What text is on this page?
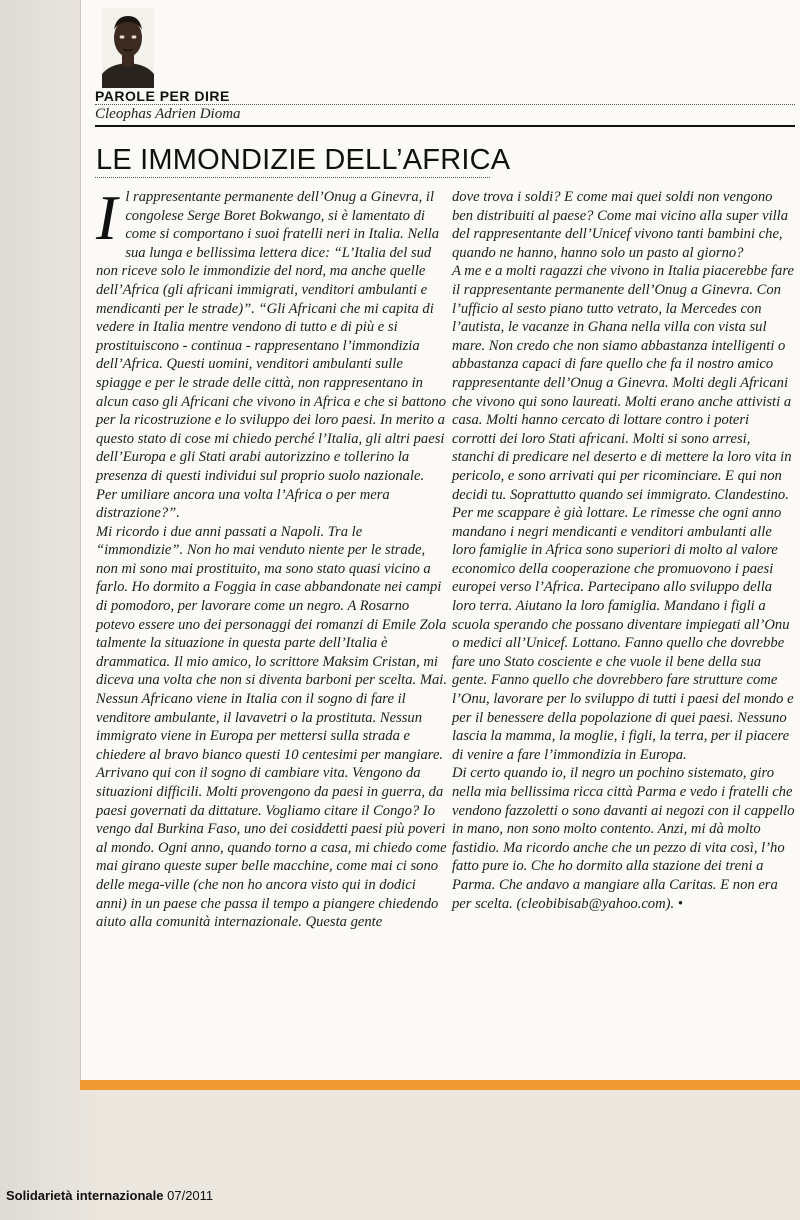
PAROLE PER DIRE
Cleophas Adrien Dioma
LE IMMONDIZIE DELL’AFRICA

Il rappresentante permanente dell’Onug a Ginevra, il congolese Serge Boret Bokwango, si è lamentato di come si comportano i suoi fratelli neri in Italia. Nella sua lunga e bellissima lettera dice: “L’Italia del sud non riceve solo le immondizie del nord, ma anche quelle dell’Africa (gli africani immigrati, venditori ambulanti e mendicanti per le strade)”. “Gli Africani che mi capita di vedere in Italia mentre vendono di tutto e di più e si prostituiscono - continua - rappresentano l’immondizia dell’Africa. Questi uomini, venditori ambulanti sulle spiagge e per le strade delle città, non rappresentano in alcun caso gli Africani che vivono in Africa e che si battono per la ricostruzione e lo sviluppo dei loro paesi. In merito a questo stato di cose mi chiedo perché l’Italia, gli altri paesi dell’Europa e gli Stati arabi autorizzino e tollerino la presenza di questi individui sul proprio suolo nazionale. Per umiliare ancora una volta l’Africa o per mera distrazione?”.

Mi ricordo i due anni passati a Napoli. Tra le “immondizie”. Non ho mai venduto niente per le strade, non mi sono mai prostituito, ma sono stato quasi vicino a farlo. Ho dormito a Foggia in case abbandonate nei campi di pomodoro, per lavorare come un negro. A Rosarno potevo essere uno dei personaggi dei romanzi di Emile Zola talmente la situazione in questa parte dell’Italia è drammatica. Il mio amico, lo scrittore Maksim Cristan, mi diceva una volta che non si diventa barboni per scelta. Mai. Nessun Africano viene in Italia con il sogno di fare il venditore ambulante, il lavavetri o la prostituta. Nessun immigrato viene in Europa per mettersi sulla strada e chiedere al bravo bianco questi 10 centesimi per mangiare. Arrivano qui con il sogno di cambiare vita. Vengono da situazioni difficili. Molti provengono da paesi in guerra, da paesi governati da dittature. Vogliamo citare il Congo? Io vengo dal Burkina Faso, uno dei cosiddetti paesi più poveri al mondo. Ogni anno, quando torno a casa, mi chiedo come mai girano queste super belle macchine, come mai ci sono delle mega-ville (che non ho ancora visto qui in dodici anni) in un paese che passa il tempo a piangere chiedendo aiuto alla comunità internazionale. Questa gente

dove trova i soldi? E come mai quei soldi non vengono ben distribuiti al paese? Come mai vicino alla super villa del rappresentante dell’Unicef vivono tanti bambini che, quando ne hanno, hanno solo un pasto al giorno?

A me e a molti ragazzi che vivono in Italia piacerebbe fare il rappresentante permanente dell’Onug a Ginevra. Con l’ufficio al sesto piano tutto vetrato, la Mercedes con l’autista, le vacanze in Ghana nella villa con vista sul mare. Non credo che non siamo abbastanza intelligenti o abbastanza capaci di fare quello che fa il nostro amico rappresentante dell’Onug a Ginevra. Molti degli Africani che vivono qui sono laureati. Molti erano anche attivisti a casa. Molti hanno cercato di lottare contro i poteri corrotti dei loro Stati africani. Molti si sono arresi, stanchi di predicare nel deserto e di mettere la loro vita in pericolo, e sono arrivati qui per ricominciare. E qui non decidi tu. Soprattutto quando sei immigrato. Clandestino.

Per me scappare è già lottare. Le rimesse che ogni anno mandano i negri mendicanti e venditori ambulanti alle loro famiglie in Africa sono superiori di molto al valore economico della cooperazione che promuovono i paesi europei verso l’Africa. Partecipano allo sviluppo della loro terra. Aiutano la loro famiglia. Mandano i figli a scuola sperando che possano diventare impiegati all’Onu o medici all’Unicef. Lottano. Fanno quello che dovrebbe fare uno Stato cosciente e che vuole il bene della sua gente. Fanno quello che dovrebbero fare strutture come l’Onu, lavorare per lo sviluppo di tutti i paesi del mondo e per il benessere della popolazione di quei paesi. Nessuno lascia la mamma, la moglie, i figli, la terra, per il piacere di venire a fare l’immondizia in Europa.

Di certo quando io, il negro un pochino sistemato, giro nella mia bellissima ricca città Parma e vedo i fratelli che vendono fazzoletti o sono davanti ai negozi con il cappello in mano, non sono molto contento. Anzi, mi dà molto fastidio. Ma ricordo anche che un pezzo di vita così, l’ho fatto pure io. Che ho dormito alla stazione dei treni a Parma. Che andavo a mangiare alla Caritas. E non era per scelta. (cleobibisab@yahoo.com). •

Solidarietà internazionale 07/2011
